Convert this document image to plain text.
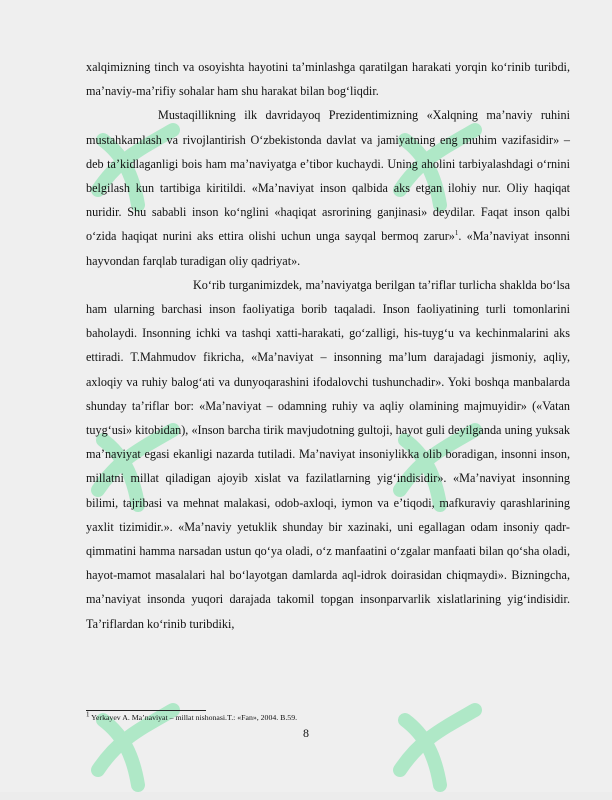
xalqimizning tinch va osoyishta hayotini taʼminlashga qaratilgan harakati yorqin koʻrinib turibdi, maʼnaviy-maʼrifiy sohalar ham shu harakat bilan bogʻliqdir.

Mustaqillikning ilk davridayoq Prezidentimizning «Xalqning maʼnaviy ruhini mustahkamlash va rivojlantirish Oʻzbekistonda davlat va jamiyatning eng muhim vazifasidir» – deb taʼkidlaganligi bois ham maʼnaviyatga eʼtibor kuchaydi. Uning aholini tarbiyalashdagi oʻrnini belgilash kun tartibiga kiritildi. «Maʼnaviyat inson qalbida aks etgan ilohiy nur. Oliy haqiqat nuridir. Shu sababli inson koʻnglini «haqiqat asrorining ganjinasi» deydilar. Faqat inson qalbi oʻzida haqiqat nurini aks ettira olishi uchun unga sayqal bermoq zarur»$^1$. «Maʼnaviyat insonni hayvondan farqlab turadigan oliy qadriyat».

Koʻrib turganimizdek, maʼnaviyatga berilgan taʼriflar turlicha shaklda boʻlsa ham ularning barchasi inson faoliyatiga borib taqaladi. Inson faoliyatining turli tomonlarini baholaydi. Insonning ichki va tashqi xatti-harakati, goʻzalligi, his-tuygʻu va kechinmalarini aks ettiradi. T.Mahmudov fikricha, «Maʼnaviyat – insonning maʼlum darajadagi jismoniy, aqliy, axloqiy va ruhiy balogʻati va dunyoqarashini ifodalovchi tushunchadir». Yoki boshqa manbalarda shunday taʼriflar bor: «Maʼnaviyat – odamning ruhiy va aqliy olamining majmuyidir» («Vatan tuygʻusi» kitobidan), «Inson barcha tirik mavjudotning gultoji, hayot guli deyilganda uning yuksak maʼnaviyat egasi ekanligi nazarda tutiladi. Maʼnaviyat insoniylikka olib boradigan, insonni inson, millatni millat qiladigan ajoyib xislat va fazilatlarning yigʻindisidir». «Maʼnaviyat insonning bilimi, tajribasi va mehnat malakasi, odob-axloqi, iymon va eʼtiqodi, mafkuraviy qarashlarining yaxlit tizimidir.». «Maʼnaviy yetuklik shunday bir xazinaki, uni egallagan odam insoniy qadr-qimmatini hamma narsadan ustun qoʻya oladi, oʻz manfaatini oʻzgalar manfaati bilan qoʻsha oladi, hayot-mamot masalalari hal boʻlayotgan damlarda aql-idrok doirasidan chiqmaydi». Bizningcha, maʼnaviyat insonda yuqori darajada takomil topgan insonparvarlik xislatlarining yigʻindisidir. Taʼriflardan koʻrinib turibdiki,

$^1$ Yerkayev A. Maʼnaviyat – millat nishonasi.T.: «Fan», 2004. B.59.
8
